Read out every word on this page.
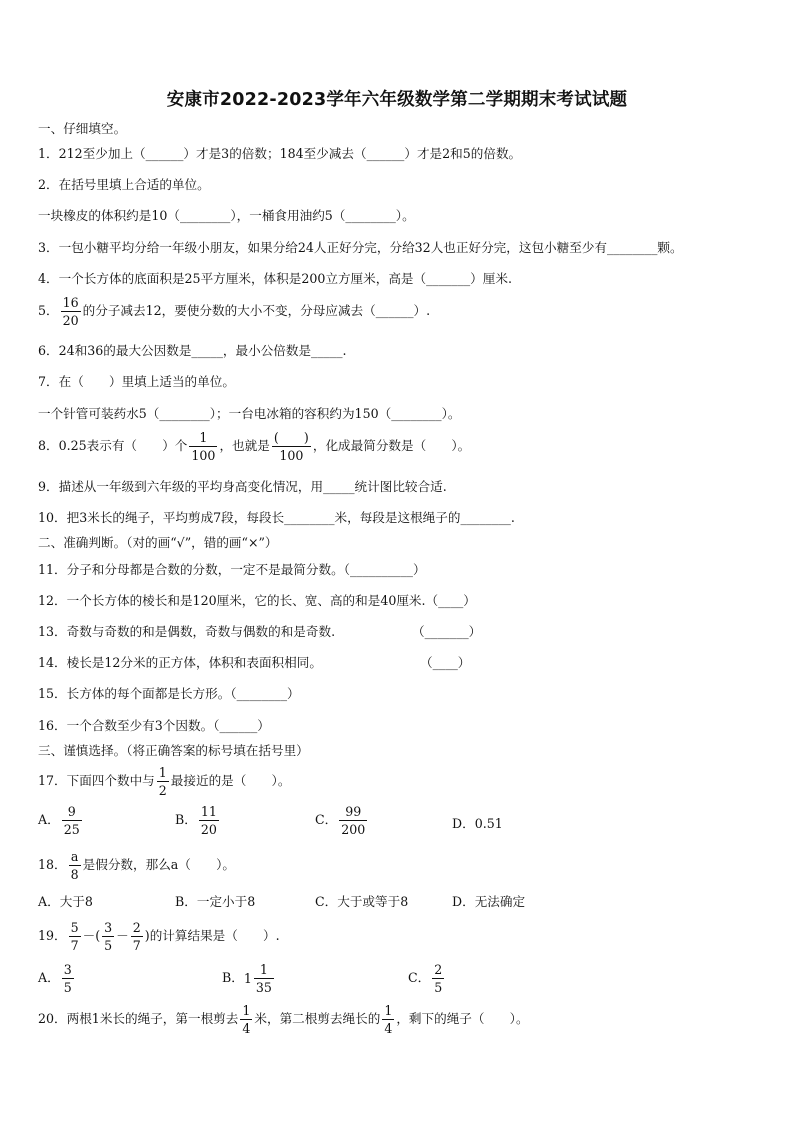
安康市2022-2023学年六年级数学第二学期期末考试试题
一、仔细填空。
1．212至少加上（______）才是3的倍数；184至少减去（______）才是2和5的倍数。
2．在括号里填上合适的单位。
一块橡皮的体积约是10（________），一桶食用油约5（________）。
3．一包小糖平均分给一年级小朋友，如果分给24人正好分完，分给32人也正好分完，这包小糖至少有________颗。
4．一个长方体的底面积是25平方厘米，体积是200立方厘米，高是（_______）厘米.
5． $\frac{16}{20}$ 的分子减去12，要使分数的大小不变，分母应减去（______）.
6．24和36的最大公因数是_____，最小公倍数是_____.
7．在（　　）里填上适当的单位。
一个针管可装药水5（________）；一台电冰箱的容积约为150（________）。
8．0.25表示有（　　）个 $\frac{1}{100}$ ，也就是 $\frac{( )}{100}$ ，化成最简分数是（　　）。
9．描述从一年级到六年级的平均身高变化情况，用_____统计图比较合适.
10．把3米长的绳子，平均剪成7段，每段长________米，每段是这根绳子的________.
二、准确判断。（对的画“√”，错的画“×”）
11．分子和分母都是合数的分数，一定不是最简分数。（__________）
12．一个长方体的棱长和是120厘米，它的长、宽、高的和是40厘米.（____）
13．奇数与奇数的和是偶数，奇数与偶数的和是奇数.	（_______）
14．棱长是12分米的正方体，体积和表面积相同。	（____）
15．长方体的每个面都是长方形。（________）
16．一个合数至少有3个因数。（______）
三、谨慎选择。（将正确答案的标号填在括号里）
17．下面四个数中与 $\frac{1}{2}$ 最接近的是（　　）。
A． $\frac{9}{25}$	B． $\frac{11}{20}$	C． $\frac{99}{200}$	D．0.51
18． $\frac{a}{8}$ 是假分数，那么a（　　）。
A．大于8	B．一定小于8	C．大于或等于8	D．无法确定
19． $\frac{5}{7}$ －( $\frac{3}{5} - \frac{2}{7}$ )的计算结果是（　　）.
A． $\frac{3}{5}$	B．$1 \frac{1}{35}$	C． $\frac{2}{5}$
20．两根1米长的绳子，第一根剪去 $\frac{1}{4}$ 米，第二根剪去绳长的 $\frac{1}{4}$ ，剩下的绳子（　　）。
